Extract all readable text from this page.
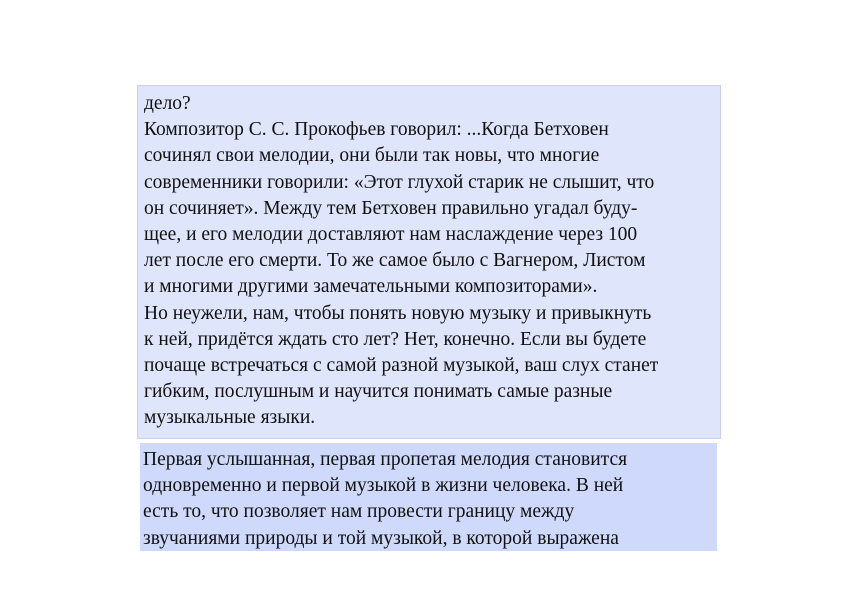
дело?
Композитор С. С. Прокофьев говорил: ...Когда Бетховен
сочинял свои мелодии, они были так новы, что многие
современники говорили: «Этот глухой старик не слышит, что
он сочиняет». Между тем Бетховен правильно угадал буду-
щее, и его мелодии доставляют нам наслаждение через 100
лет после его смерти. То же самое было с Вагнером, Листом
и многими другими замечательными композиторами».
Но неужели, нам, чтобы понять новую музыку и привыкнуть
к ней, придётся ждать сто лет? Нет, конечно. Если вы будете
почаще встречаться с самой разной музыкой, ваш слух станет
гибким, послушным и научится понимать самые разные
музыкальные языки.
Первая услышанная, первая пропетая мелодия становится
одновременно и первой музыкой в жизни человека. В ней
есть то, что позволяет нам провести границу между
звучаниями природы и той музыкой, в которой выражена
